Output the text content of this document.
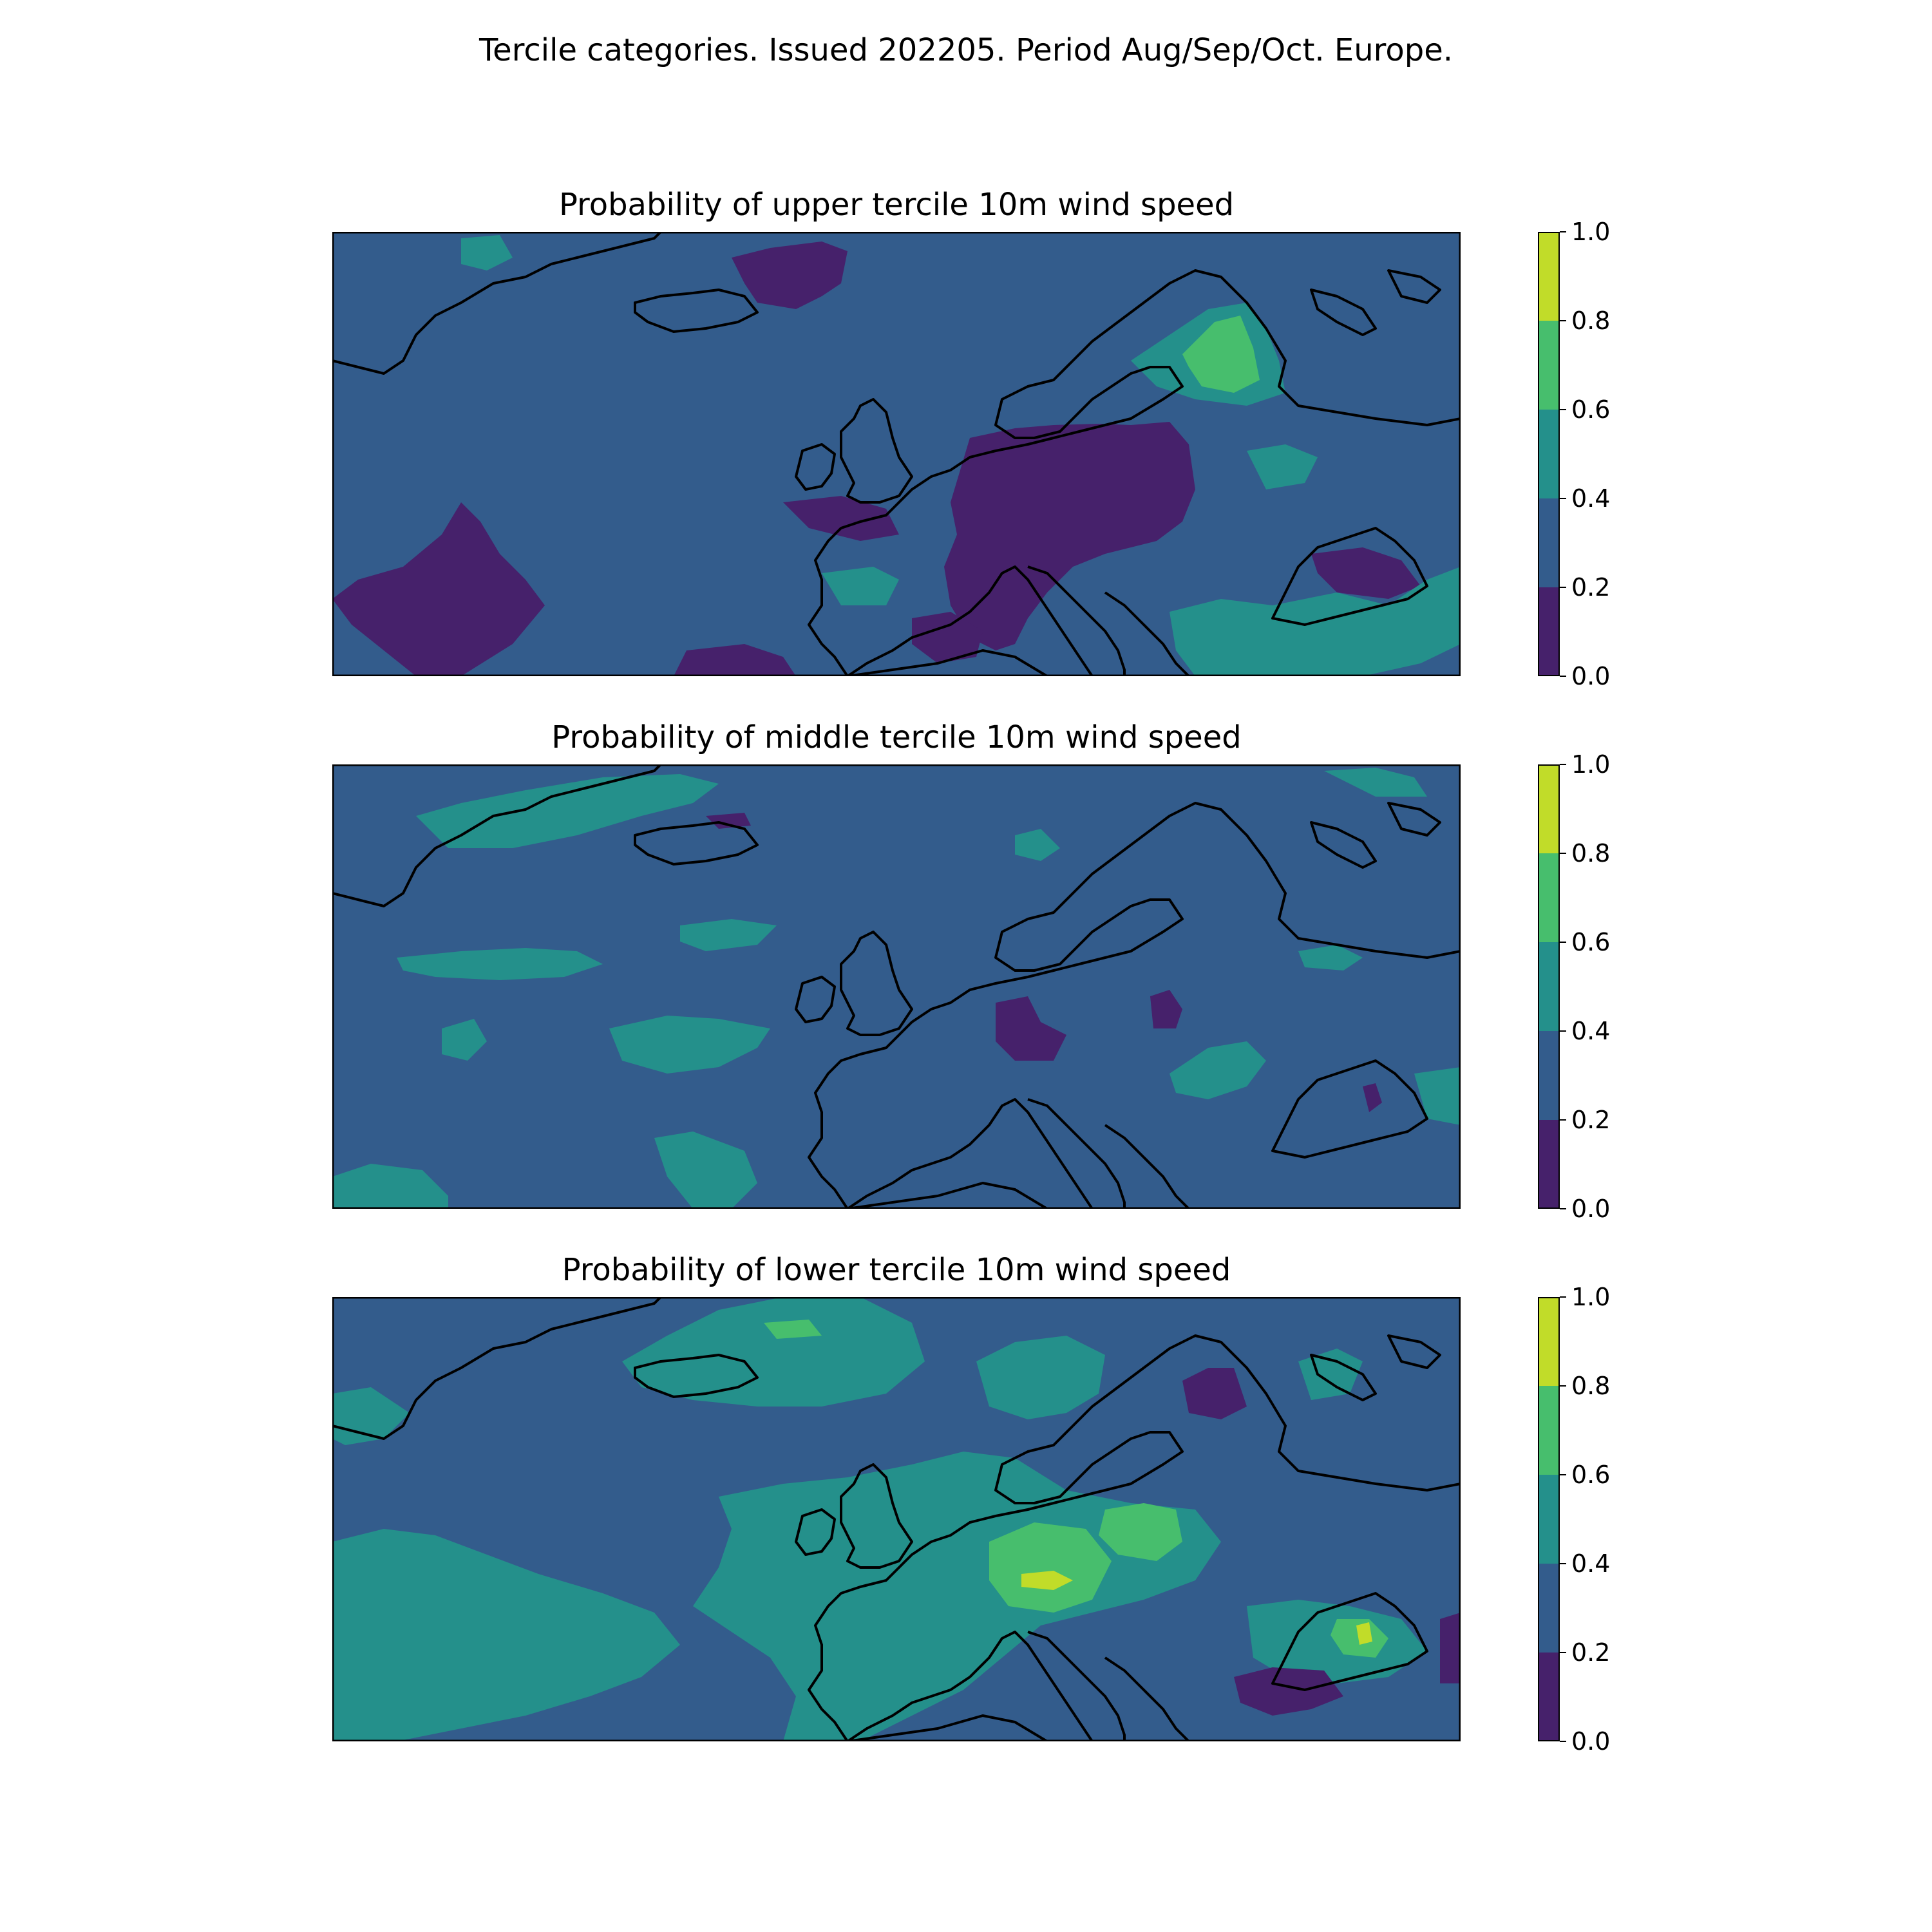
Tercile categories. Issued 202205. Period Aug/Sep/Oct. Europe.
Probability of upper tercile 10m wind speed
0.0
0.2
0.4
0.6
0.8
1.0
Probability of middle tercile 10m wind speed
0.0
0.2
0.4
0.6
0.8
1.0
Probability of lower tercile 10m wind speed
0.0
0.2
0.4
0.6
0.8
1.0
